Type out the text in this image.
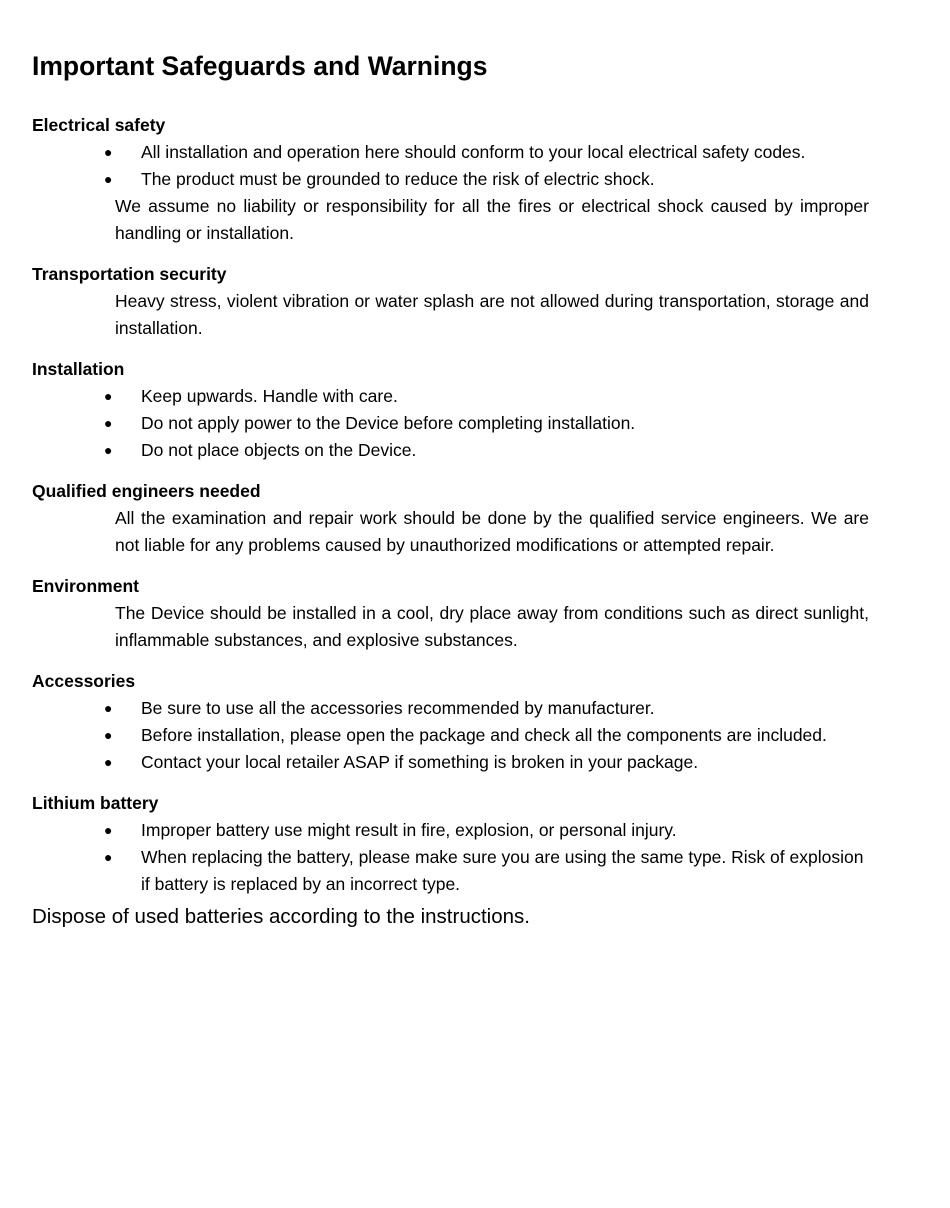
Important Safeguards and Warnings
Electrical safety
● All installation and operation here should conform to your local electrical safety codes.
● The product must be grounded to reduce the risk of electric shock.

We assume no liability or responsibility for all the fires or electrical shock caused by improper handling or installation.

Transportation security

Heavy stress, violent vibration or water splash are not allowed during transportation, storage and installation.

Installation
● Keep upwards. Handle with care.
● Do not apply power to the Device before completing installation.
● Do not place objects on the Device.
Qualified engineers needed

All the examination and repair work should be done by the qualified service engineers. We are not liable for any problems caused by unauthorized modifications or attempted repair.

Environment

The Device should be installed in a cool, dry place away from conditions such as direct sunlight, inflammable substances, and explosive substances.

Accessories
● Be sure to use all the accessories recommended by manufacturer.
● Before installation, please open the package and check all the components are included.
● Contact your local retailer ASAP if something is broken in your package.
Lithium battery
● Improper battery use might result in fire, explosion, or personal injury.
● When replacing the battery, please make sure you are using the same type. Risk of explosion if battery is replaced by an incorrect type.

Dispose of used batteries according to the instructions.
